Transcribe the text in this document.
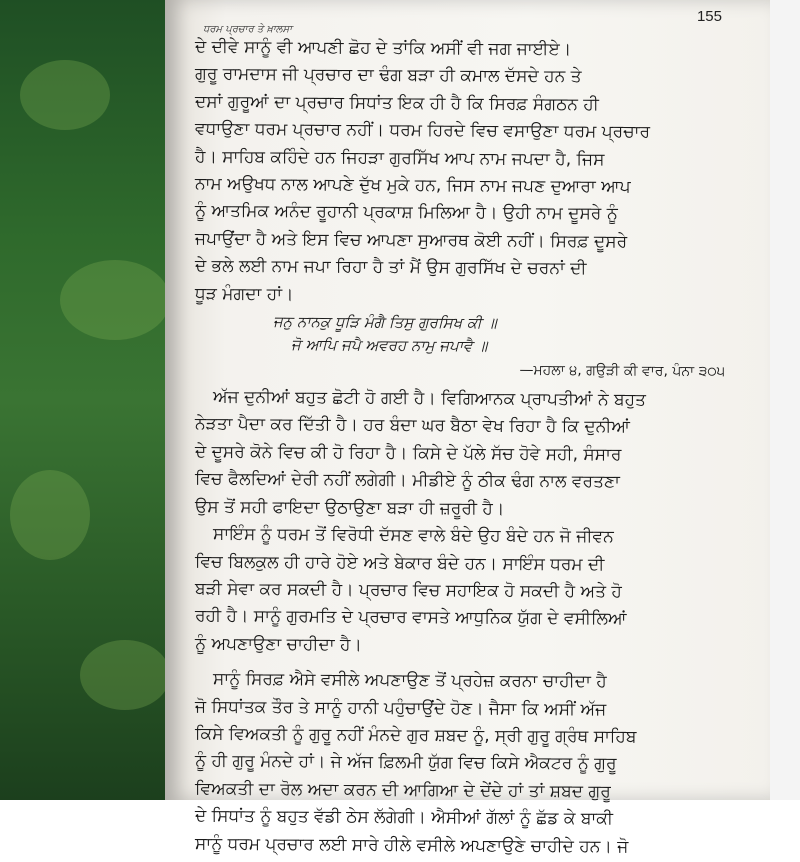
155
ਧਰਮ ਪ੍ਰਚਾਰ ਤੇ ਖ਼ਾਲਸਾ
ਦੇ ਦੀਵੇ ਸਾਨੂੰ ਵੀ ਆਪਣੀ ਛੋਹ ਦੇ ਤਾਂਕਿ ਅਸੀਂ ਵੀ ਜਗ ਜਾਈਏ।
ਗੁਰੂ ਰਾਮਦਾਸ ਜੀ ਪ੍ਰਚਾਰ ਦਾ ਢੰਗ ਬੜਾ ਹੀ ਕਮਾਲ ਦੱਸਦੇ ਹਨ ਤੇ
ਦਸਾਂ ਗੁਰੂਆਂ ਦਾ ਪ੍ਰਚਾਰ ਸਿਧਾਂਤ ਇਕ ਹੀ ਹੈ ਕਿ ਸਿਰਫ਼ ਸੰਗਠਨ ਹੀ
ਵਧਾਉਣਾ ਧਰਮ ਪ੍ਰਚਾਰ ਨਹੀਂ। ਧਰਮ ਹਿਰਦੇ ਵਿਚ ਵਸਾਉਣਾ ਧਰਮ ਪ੍ਰਚਾਰ
ਹੈ। ਸਾਹਿਬ ਕਹਿੰਦੇ ਹਨ ਜਿਹੜਾ ਗੁਰਸਿੱਖ ਆਪ ਨਾਮ ਜਪਦਾ ਹੈ, ਜਿਸ
ਨਾਮ ਅਉਖਧ ਨਾਲ ਆਪਣੇ ਦੁੱਖ ਮੁਕੇ ਹਨ, ਜਿਸ ਨਾਮ ਜਪਣ ਦੁਆਰਾ ਆਪ
ਨੂੰ ਆਤਮਿਕ ਅਨੰਦ ਰੂਹਾਨੀ ਪ੍ਰਕਾਸ਼ ਮਿਲਿਆ ਹੈ। ਉਹੀ ਨਾਮ ਦੂਸਰੇ ਨੂੰ
ਜਪਾਉਂਦਾ ਹੈ ਅਤੇ ਇਸ ਵਿਚ ਆਪਣਾ ਸੁਆਰਥ ਕੋਈ ਨਹੀਂ। ਸਿਰਫ਼ ਦੂਸਰੇ
ਦੇ ਭਲੇ ਲਈ ਨਾਮ ਜਪਾ ਰਿਹਾ ਹੈ ਤਾਂ ਮੈਂ ਉਸ ਗੁਰਸਿੱਖ ਦੇ ਚਰਨਾਂ ਦੀ
ਧੂੜ ਮੰਗਦਾ ਹਾਂ।
ਜਨੁ ਨਾਨਕੁ ਧੂੜਿ ਮੰਗੈ ਤਿਸੁ ਗੁਰਸਿਖ ਕੀ ॥
ਜੋ ਆਪਿ ਜਪੈ ਅਵਰਹ ਨਾਮੁ ਜਪਾਵੈ ॥
—ਮਹਲਾ ੪, ਗਉੜੀ ਕੀ ਵਾਰ, ਪੰਨਾ ੩੦੫
ਅੱਜ ਦੁਨੀਆਂ ਬਹੁਤ ਛੋਟੀ ਹੋ ਗਈ ਹੈ। ਵਿਗਿਆਨਕ ਪ੍ਰਾਪਤੀਆਂ ਨੇ ਬਹੁਤ
ਨੇੜਤਾ ਪੈਦਾ ਕਰ ਦਿੱਤੀ ਹੈ। ਹਰ ਬੰਦਾ ਘਰ ਬੈਠਾ ਵੇਖ ਰਿਹਾ ਹੈ ਕਿ ਦੁਨੀਆਂ
ਦੇ ਦੂਸਰੇ ਕੋਨੇ ਵਿਚ ਕੀ ਹੋ ਰਿਹਾ ਹੈ। ਕਿਸੇ ਦੇ ਪੱਲੇ ਸੱਚ ਹੋਵੇ ਸਹੀ, ਸੰਸਾਰ
ਵਿਚ ਫੈਲਦਿਆਂ ਦੇਰੀ ਨਹੀਂ ਲਗੇਗੀ। ਮੀਡੀਏ ਨੂੰ ਠੀਕ ਢੰਗ ਨਾਲ ਵਰਤਣਾ
ਉਸ ਤੋਂ ਸਹੀ ਫਾਇਦਾ ਉਠਾਉਣਾ ਬੜਾ ਹੀ ਜ਼ਰੂਰੀ ਹੈ।
ਸਾਇੰਸ ਨੂੰ ਧਰਮ ਤੋਂ ਵਿਰੋਧੀ ਦੱਸਣ ਵਾਲੇ ਬੰਦੇ ਉਹ ਬੰਦੇ ਹਨ ਜੋ ਜੀਵਨ
ਵਿਚ ਬਿਲਕੁਲ ਹੀ ਹਾਰੇ ਹੋਏ ਅਤੇ ਬੇਕਾਰ ਬੰਦੇ ਹਨ। ਸਾਇੰਸ ਧਰਮ ਦੀ
ਬੜੀ ਸੇਵਾ ਕਰ ਸਕਦੀ ਹੈ। ਪ੍ਰਚਾਰ ਵਿਚ ਸਹਾਇਕ ਹੋ ਸਕਦੀ ਹੈ ਅਤੇ ਹੋ
ਰਹੀ ਹੈ। ਸਾਨੂੰ ਗੁਰਮਤਿ ਦੇ ਪ੍ਰਚਾਰ ਵਾਸਤੇ ਆਧੁਨਿਕ ਯੁੱਗ ਦੇ ਵਸੀਲਿਆਂ
ਨੂੰ ਅਪਣਾਉਣਾ ਚਾਹੀਦਾ ਹੈ।
ਸਾਨੂੰ ਸਿਰਫ਼ ਐਸੇ ਵਸੀਲੇ ਅਪਣਾਉਣ ਤੋਂ ਪ੍ਰਹੇਜ਼ ਕਰਨਾ ਚਾਹੀਦਾ ਹੈ
ਜੋ ਸਿਧਾਂਤਕ ਤੌਰ ਤੇ ਸਾਨੂੰ ਹਾਨੀ ਪਹੁੰਚਾਉਂਦੇ ਹੋਣ। ਜੈਸਾ ਕਿ ਅਸੀਂ ਅੱਜ
ਕਿਸੇ ਵਿਅਕਤੀ ਨੂੰ ਗੁਰੂ ਨਹੀਂ ਮੰਨਦੇ ਗੁਰ ਸ਼ਬਦ ਨੂੰ, ਸ੍ਰੀ ਗੁਰੂ ਗ੍ਰੰਥ ਸਾਹਿਬ
ਨੂੰ ਹੀ ਗੁਰੂ ਮੰਨਦੇ ਹਾਂ। ਜੇ ਅੱਜ ਫ਼ਿਲਮੀ ਯੁੱਗ ਵਿਚ ਕਿਸੇ ਐਕਟਰ ਨੂੰ ਗੁਰੂ
ਵਿਅਕਤੀ ਦਾ ਰੋਲ ਅਦਾ ਕਰਨ ਦੀ ਆਗਿਆ ਦੇ ਦੇਂਦੇ ਹਾਂ ਤਾਂ ਸ਼ਬਦ ਗੁਰੂ
ਦੇ ਸਿਧਾਂਤ ਨੂੰ ਬਹੁਤ ਵੱਡੀ ਠੇਸ ਲੱਗੇਗੀ। ਐਸੀਆਂ ਗੱਲਾਂ ਨੂੰ ਛੱਡ ਕੇ ਬਾਕੀ
ਸਾਨੂੰ ਧਰਮ ਪ੍ਰਚਾਰ ਲਈ ਸਾਰੇ ਹੀਲੇ ਵਸੀਲੇ ਅਪਣਾਉਣੇ ਚਾਹੀਦੇ ਹਨ। ਜੋ
